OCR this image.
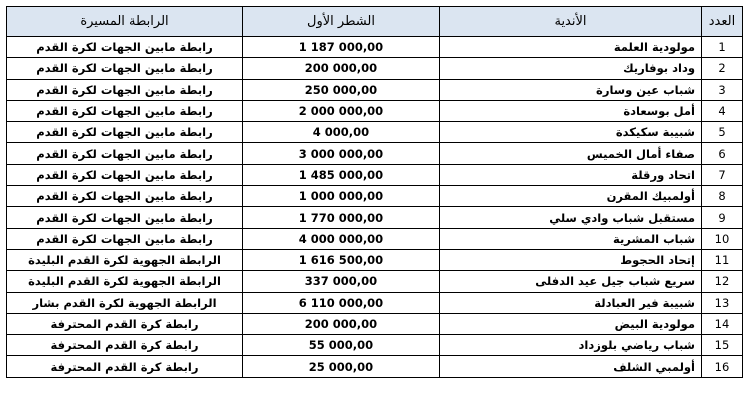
العدد	الأندية	الشطر الأول	الرابطة المسيرة
1	مولودية العلمة	1 187 000,00	رابطة مابين الجهات لكرة القدم
2	وداد بوفاريك	200 000,00	رابطة مابين الجهات لكرة القدم
3	شباب عين وسارة	250 000,00	رابطة مابين الجهات لكرة القدم
4	أمل بوسعادة	2 000 000,00	رابطة مابين الجهات لكرة القدم
5	شبيبة سكيكدة	4 000,00	رابطة مابين الجهات لكرة القدم
6	صفاء أمال الخميس	3 000 000,00	رابطة مابين الجهات لكرة القدم
7	اتحاد ورقلة	1 485 000,00	رابطة مابين الجهات لكرة القدم
8	أولمبيك المقرن	1 000 000,00	رابطة مابين الجهات لكرة القدم
9	مستقبل شباب وادي سلي	1 770 000,00	رابطة مابين الجهات لكرة القدم
10	شباب المشرية	4 000 000,00	رابطة مابين الجهات لكرة القدم
11	إتحاد الحجوط	1 616 500,00	الرابطة الجهوية لكرة القدم البليدة
12	سريع شباب جيل عيد الدفلى	337 000,00	الرابطة الجهوية لكرة القدم البليدة
13	شبيبة فير العبادلة	6 110 000,00	الرابطة الجهوية لكرة القدم بشار
14	مولودية البيض	200 000,00	رابطة كرة القدم المحترفة
15	شباب رياضي بلوزداد	55 000,00	رابطة كرة القدم المحترفة
16	أولمبي الشلف	25 000,00	رابطة كرة القدم المحترفة
